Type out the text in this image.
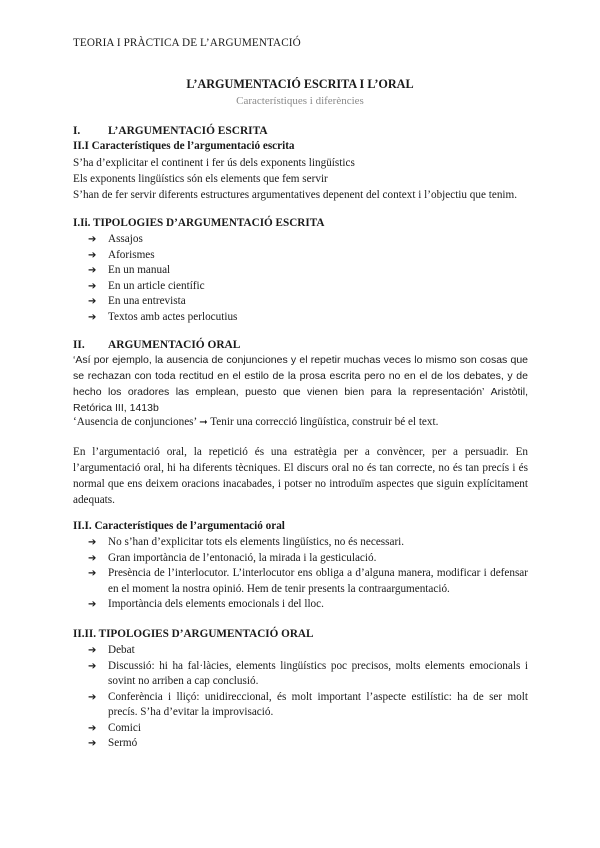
TEORIA I PRÀCTICA DE L’ARGUMENTACIÓ
L’ARGUMENTACIÓ ESCRITA I L’ORAL
Característiques i diferències
I. L’ARGUMENTACIÓ ESCRITA
II.I Característiques de l’argumentació escrita
S’ha d’explicitar el continent i fer ús dels exponents lingüístics
Els exponents lingüístics són els elements que fem servir
S’han de fer servir diferents estructures argumentatives depenent del context i l’objectiu que tenim.
I.Ii. TIPOLOGIES D’ARGUMENTACIÓ ESCRITA
➔ Assajos
➔ Aforismes
➔ En un manual
➔ En un article científic
➔ En una entrevista
➔ Textos amb actes perlocutius
II. ARGUMENTACIÓ ORAL
‘Así por ejemplo, la ausencia de conjunciones y el repetir muchas veces lo mismo son cosas que se rechazan con toda rectitud en el estilo de la prosa escrita pero no en el de los debates, y de hecho los oradores las emplean, puesto que vienen bien para la representación’ Aristòtil, Retórica III, 1413b
‘Ausencia de conjunciones’ ➞ Tenir una correcció lingüística, construir bé el text.
En l’argumentació oral, la repetició és una estratègia per a convèncer, per a persuadir. En l’argumentació oral, hi ha diferents tècniques. El discurs oral no és tan correcte, no és tan precís i és normal que ens deixem oracions inacabades, i potser no introduïm aspectes que siguin explícitament adequats.
II.I. Característiques de l’argumentació oral
➔ No s’han d’explicitar tots els elements lingüístics, no és necessari.
➔ Gran importància de l’entonació, la mirada i la gesticulació.
➔ Presència de l’interlocutor. L’interlocutor ens obliga a d’alguna manera, modificar i defensar en el moment la nostra opinió. Hem de tenir presents la contraargumentació.
➔ Importància dels elements emocionals i del lloc.
II.II. TIPOLOGIES D’ARGUMENTACIÓ ORAL
➔ Debat
➔ Discussió: hi ha fal·làcies, elements lingüístics poc precisos, molts elements emocionals i sovint no arriben a cap conclusió.
➔ Conferència i lliçó: unidireccional, és molt important l’aspecte estilístic: ha de ser molt precís. S’ha d’evitar la improvisació.
➔ Comici
➔ Sermó
